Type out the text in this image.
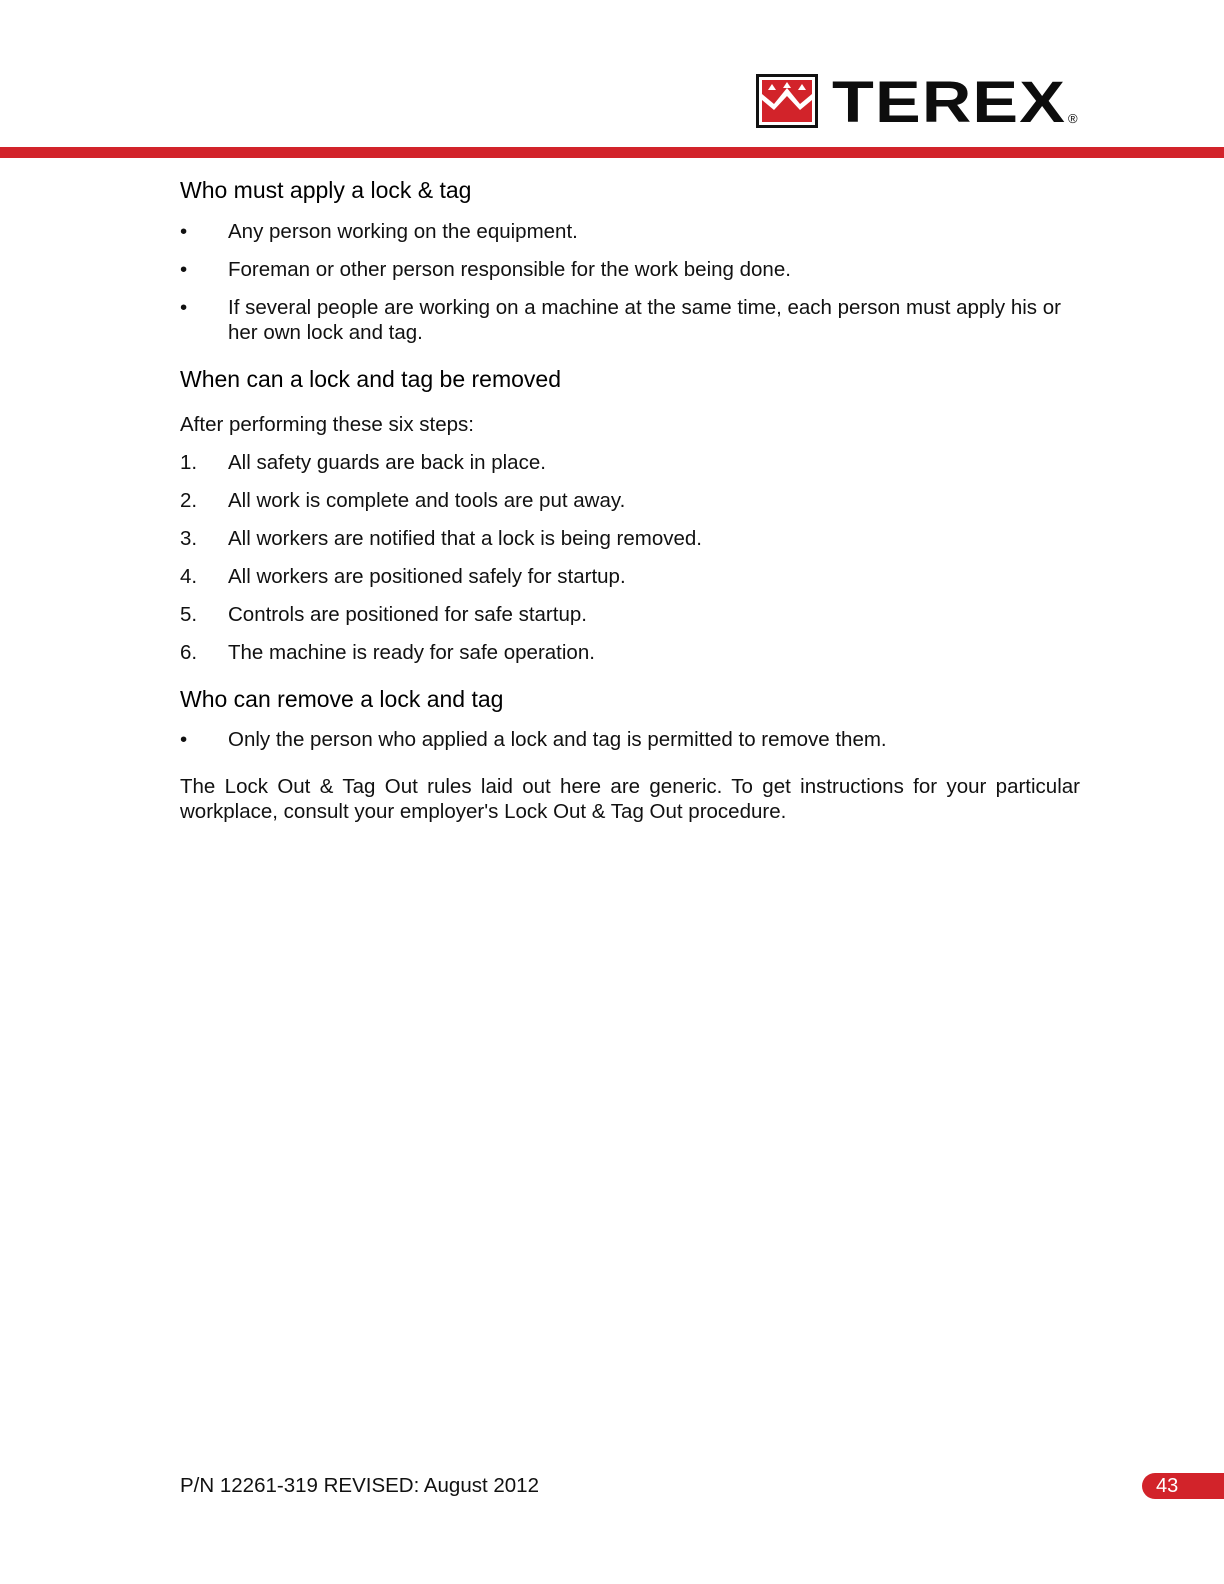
TEREX ®
Who must apply a lock & tag
• Any person working on the equipment.
• Foreman or other person responsible for the work being done.
• If several people are working on a machine at the same time, each person must apply his or her own lock and tag.
When can a lock and tag be removed

After performing these six steps:

1. All safety guards are back in place.
2. All work is complete and tools are put away.
3. All workers are notified that a lock is being removed.
4. All workers are positioned safely for startup.
5. Controls are positioned for safe startup.
6. The machine is ready for safe operation.
Who can remove a lock and tag
• Only the person who applied a lock and tag is permitted to remove them.

The Lock Out & Tag Out rules laid out here are generic. To get instructions for your particular workplace, consult your employer's Lock Out & Tag Out procedure.

P/N 12261-319 REVISED: August 2012	43
